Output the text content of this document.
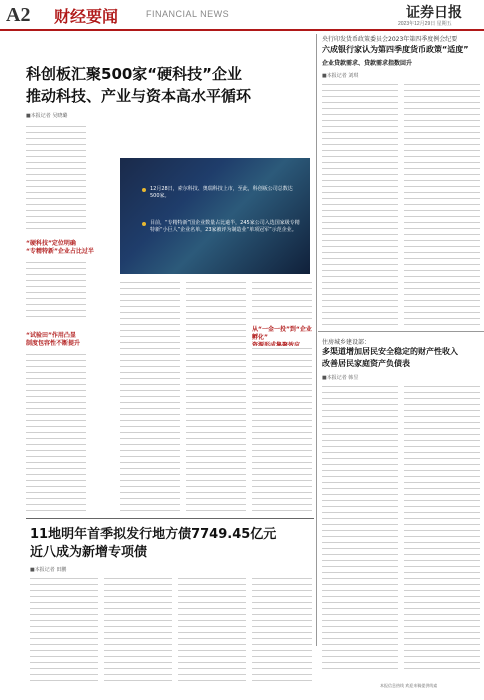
A2 财经要闻	FINANCIAL NEWS	证券日报
2023年12月29日 星期五
科创板汇聚500家“硬科技”企业
推动科技、产业与资本高水平循环
■本报记者 吴晓璐
“硬科技”定位明确
“专精特新”企业占比过半
“试验田”作用凸显
制度包容性不断提升
12月28日，索尔科技、奥瑞科技上市，至此，科创板公司总数达500家。
目前，“专精特新”国企业数量占比逾半，245家公司入选国家级专精特新“小巨人”企业名单，23家被评为制造业“单项冠军”示范企业。
从“一金一投”到“企业孵化”

央行印发货币政策委员会2023年第四季度例会纪要
六成银行家认为第四季度货币政策“适度”
企业贷款需求、贷款需求指数回升
■本报记者 刘琪
住房城乡建设部：
多渠道增加居民安全稳定的财产性收入
改善居民家庭资产负债表
■本报记者 韩昱
11地明年首季拟发行地方债7749.45亿元
近八成为新增专项债
■本报记者 田鹏
本报信息热线 欢迎来稿提供线索
